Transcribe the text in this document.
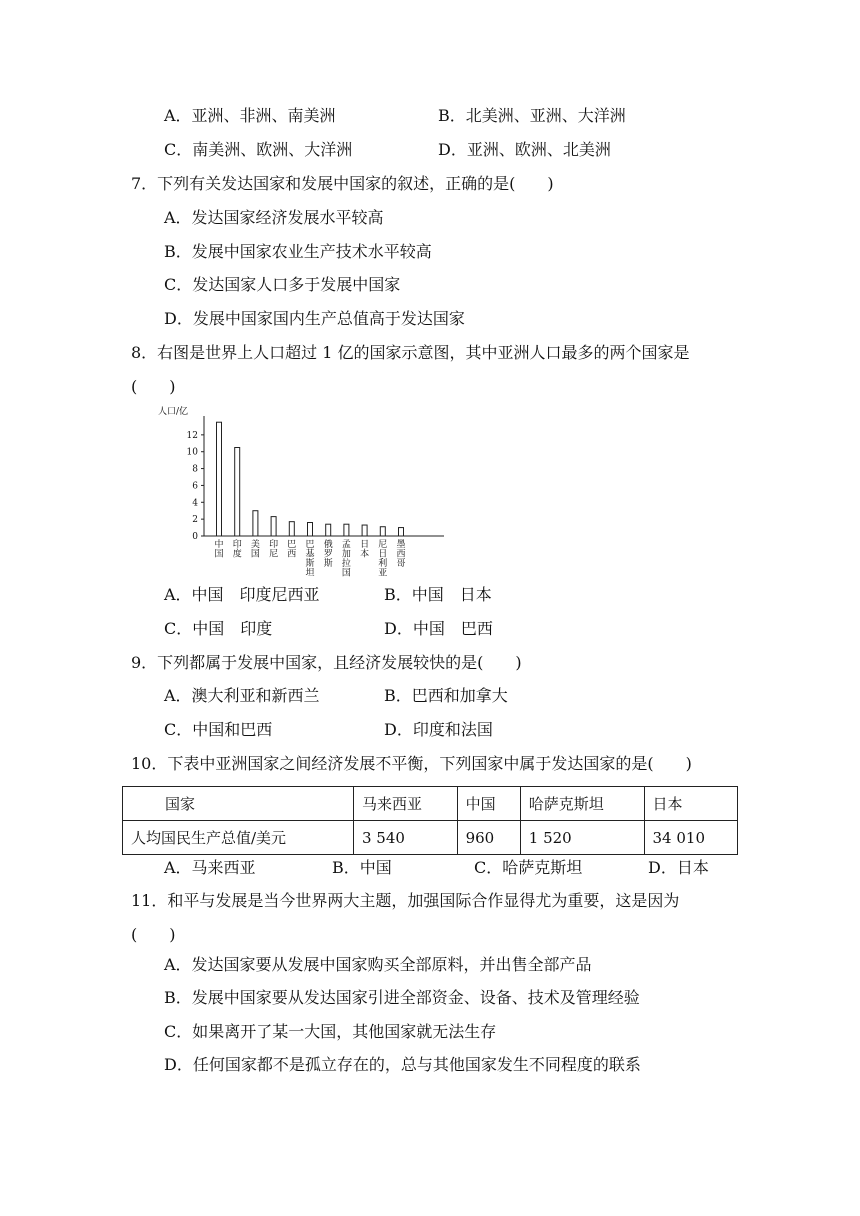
A．亚洲、非洲、南美洲	B．北美洲、亚洲、大洋洲
C．南美洲、欧洲、大洋洲	D．亚洲、欧洲、北美洲
7．下列有关发达国家和发展中国家的叙述，正确的是(　　)
A．发达国家经济发展水平较高
B．发展中国家农业生产技术水平较高
C．发达国家人口多于发展中国家
D．发展中国家国内生产总值高于发达国家
8．右图是世界上人口超过 1 亿的国家示意图，其中亚洲人口最多的两个国家是
(　　)
人口/亿
0
2
4
6
8
10
12
中
国
印
度
美
国
印
尼
巴
西
巴
基
斯
坦
俄
罗
斯
孟
加
拉
国
日
本
尼
日
利
亚
墨
西
哥
A．中国　印度尼西亚	B．中国　日本
C．中国　印度	D．中国　巴西
9．下列都属于发展中国家，且经济发展较快的是(　　)
A．澳大利亚和新西兰	B．巴西和加拿大
C．中国和巴西	D．印度和法国
10．下表中亚洲国家之间经济发展不平衡，下列国家中属于发达国家的是(　　)
国家	马来西亚	中国	哈萨克斯坦	日本
人均国民生产总值/美元	3 540	960	1 520	34 010
A．马来西亚	B．中国	C．哈萨克斯坦	D．日本
11．和平与发展是当今世界两大主题，加强国际合作显得尤为重要，这是因为
(　　)
A．发达国家要从发展中国家购买全部原料，并出售全部产品
B．发展中国家要从发达国家引进全部资金、设备、技术及管理经验
C．如果离开了某一大国，其他国家就无法生存
D．任何国家都不是孤立存在的，总与其他国家发生不同程度的联系
